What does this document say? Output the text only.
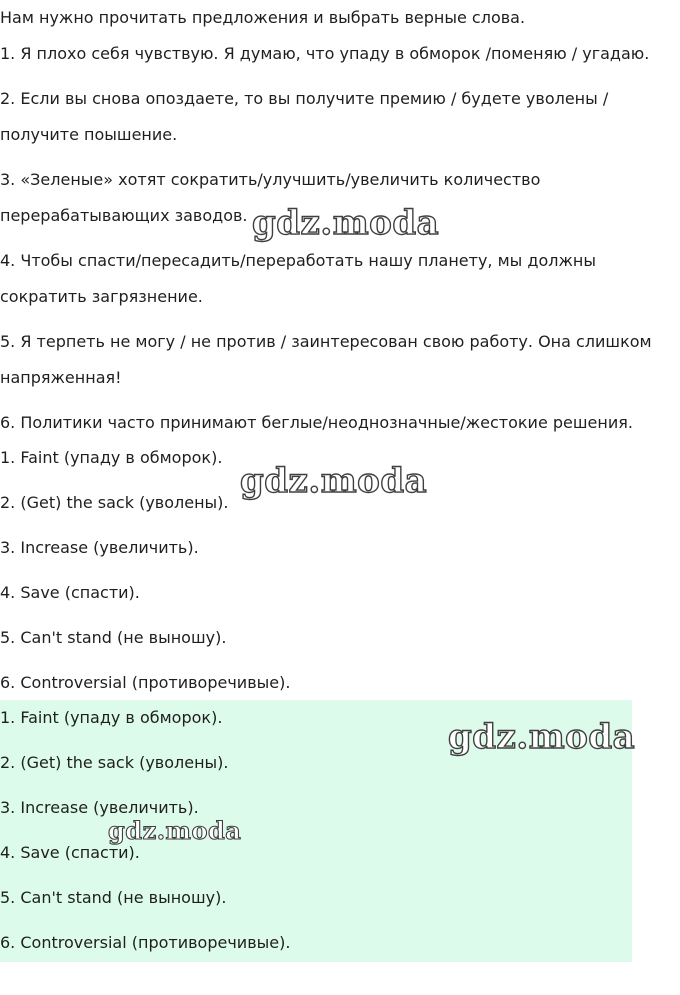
Нам нужно прочитать предложения и выбрать верные слова.
1. Я плохо себя чувствую. Я думаю, что упаду в обморок /поменяю / угадаю.
2. Если вы снова опоздаете, то вы получите премию / будете уволены /
получите поышение.
3. «Зеленые» хотят сократить/улучшить/увеличить количество
перерабатывающих заводов.
4. Чтобы спасти/пересадить/переработать нашу планету, мы должны
сократить загрязнение.
5. Я терпеть не могу / не против / заинтересован свою работу. Она слишком
напряженная!
6. Политики часто принимают беглые/неоднозначные/жестокие решения.
1. Faint (упаду в обморок).
2. (Get) the sack (уволены).
3. Increase (увеличить).
4. Save (спасти).
5. Can't stand (не выношу).
6. Controversial (противоречивые).
1. Faint (упаду в обморок).
2. (Get) the sack (уволены).
3. Increase (увеличить).
4. Save (спасти).
5. Can't stand (не выношу).
6. Controversial (противоречивые).
gdz.moda
gdz.moda
gdz.moda
gdz.moda
